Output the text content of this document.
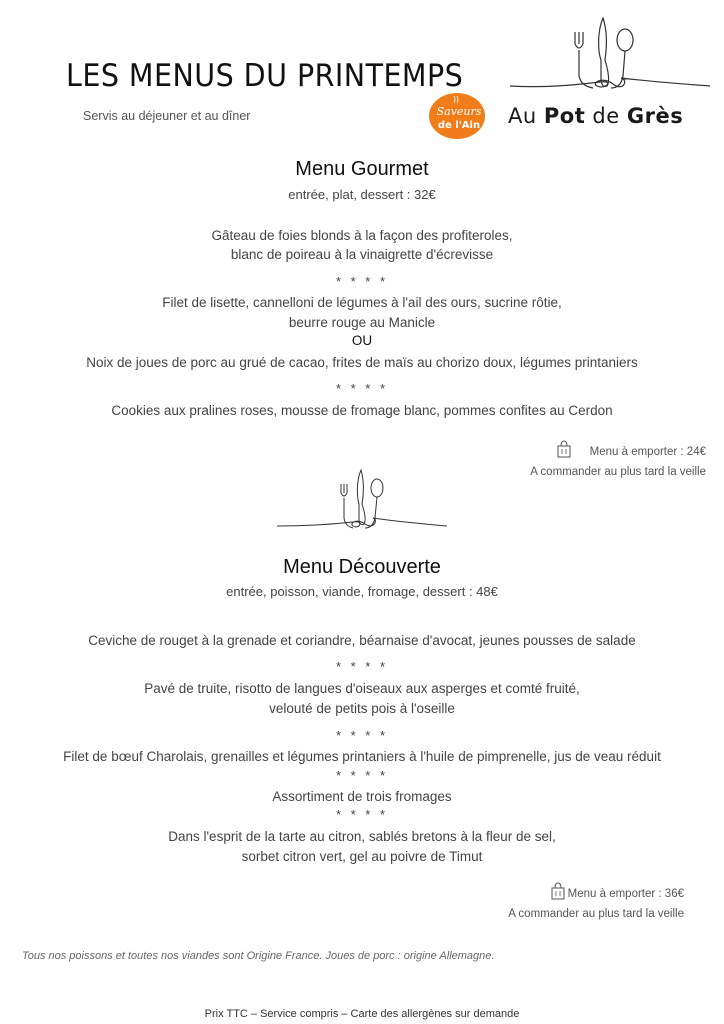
LES MENUS DU PRINTEMPS
Servis au déjeuner et au dîner	Saveurs
de l'Ain Au Pot de Grès
Menu Gourmet
entrée, plat, dessert : 32€
Gâteau de foies blonds à la façon des profiteroles,
blanc de poireau à la vinaigrette d'écrevisse
* * * *
Filet de lisette, cannelloni de légumes à l'ail des ours, sucrine rôtie,
beurre rouge au Manicle
OU
Noix de joues de porc au grué de cacao, frites de maïs au chorizo doux, légumes printaniers
* * * *
Cookies aux pralines roses, mousse de fromage blanc, pommes confites au Cerdon
Menu à emporter : 24€
A commander au plus tard la veille
Menu Découverte
entrée, poisson, viande, fromage, dessert : 48€
Ceviche de rouget à la grenade et coriandre, béarnaise d'avocat, jeunes pousses de salade
* * * *
Pavé de truite, risotto de langues d'oiseaux aux asperges et comté fruité,
velouté de petits pois à l'oseille
* * * *
Filet de bœuf Charolais, grenailles et légumes printaniers à l'huile de pimprenelle, jus de veau réduit
* * * *
Assortiment de trois fromages
* * * *
Dans l'esprit de la tarte au citron, sablés bretons à la fleur de sel,
sorbet citron vert, gel au poivre de Timut
Menu à emporter : 36€
A commander au plus tard la veille
Tous nos poissons et toutes nos viandes sont Origine France. Joues de porc : origine Allemagne.
Prix TTC – Service compris – Carte des allergènes sur demande
